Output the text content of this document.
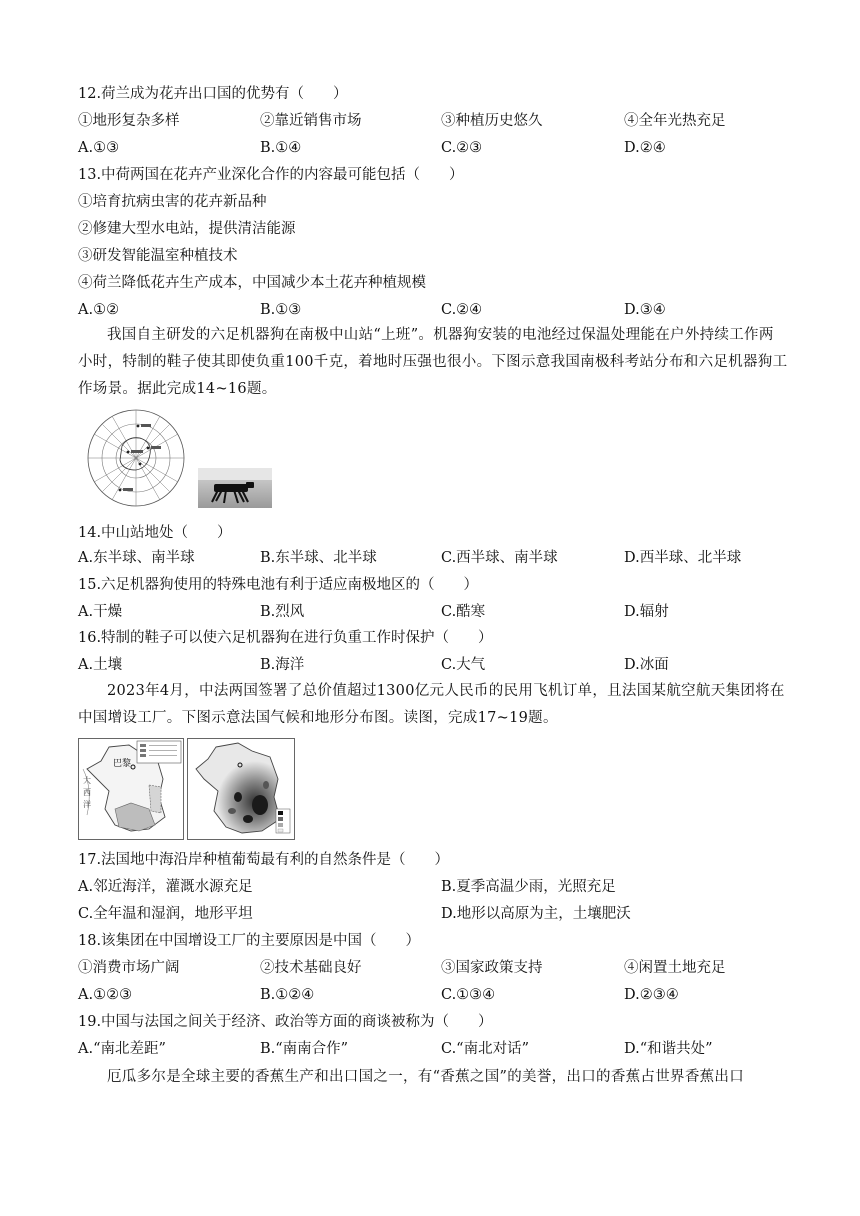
12.荷兰成为花卉出口国的优势有（　　）
①地形复杂多样	②靠近销售市场	③种植历史悠久	④全年光热充足
A.①③	B.①④	C.②③	D.②④
13.中荷两国在花卉产业深化合作的内容最可能包括（　　）
①培育抗病虫害的花卉新品种
②修建大型水电站，提供清洁能源
③研发智能温室种植技术
④荷兰降低花卉生产成本，中国减少本土花卉种植规模
A.①②	B.①③	C.②④	D.③④
我国自主研发的六足机器狗在南极中山站“上班”。机器狗安装的电池经过保温处理能在户外持续工作两小时，特制的鞋子使其即使负重100千克，着地时压强也很小。下图示意我国南极科考站分布和六足机器狗工作场景。据此完成14~16题。
14.中山站地处（　　）
A.东半球、南半球	B.东半球、北半球	C.西半球、南半球	D.西半球、北半球
15.六足机器狗使用的特殊电池有利于适应南极地区的（　　）
A.干燥	B.烈风	C.酷寒	D.辐射
16.特制的鞋子可以使六足机器狗在进行负重工作时保护（　　）
A.土壤	B.海洋	C.大气	D.冰面
2023年4月，中法两国签署了总价值超过1300亿元人民币的民用飞机订单，且法国某航空航天集团将在中国增设工厂。下图示意法国气候和地形分布图。读图，完成17~19题。
巴黎
大西洋
17.法国地中海沿岸种植葡萄最有利的自然条件是（　　）
A.邻近海洋，灌溉水源充足	B.夏季高温少雨，光照充足
C.全年温和湿润，地形平坦	D.地形以高原为主，土壤肥沃
18.该集团在中国增设工厂的主要原因是中国（　　）
①消费市场广阔	②技术基础良好	③国家政策支持	④闲置土地充足
A.①②③	B.①②④	C.①③④	D.②③④
19.中国与法国之间关于经济、政治等方面的商谈被称为（　　）
A.“南北差距”	B.“南南合作”	C.“南北对话”	D.“和谐共处”
厄瓜多尔是全球主要的香蕉生产和出口国之一，有“香蕉之国”的美誉，出口的香蕉占世界香蕉出口
